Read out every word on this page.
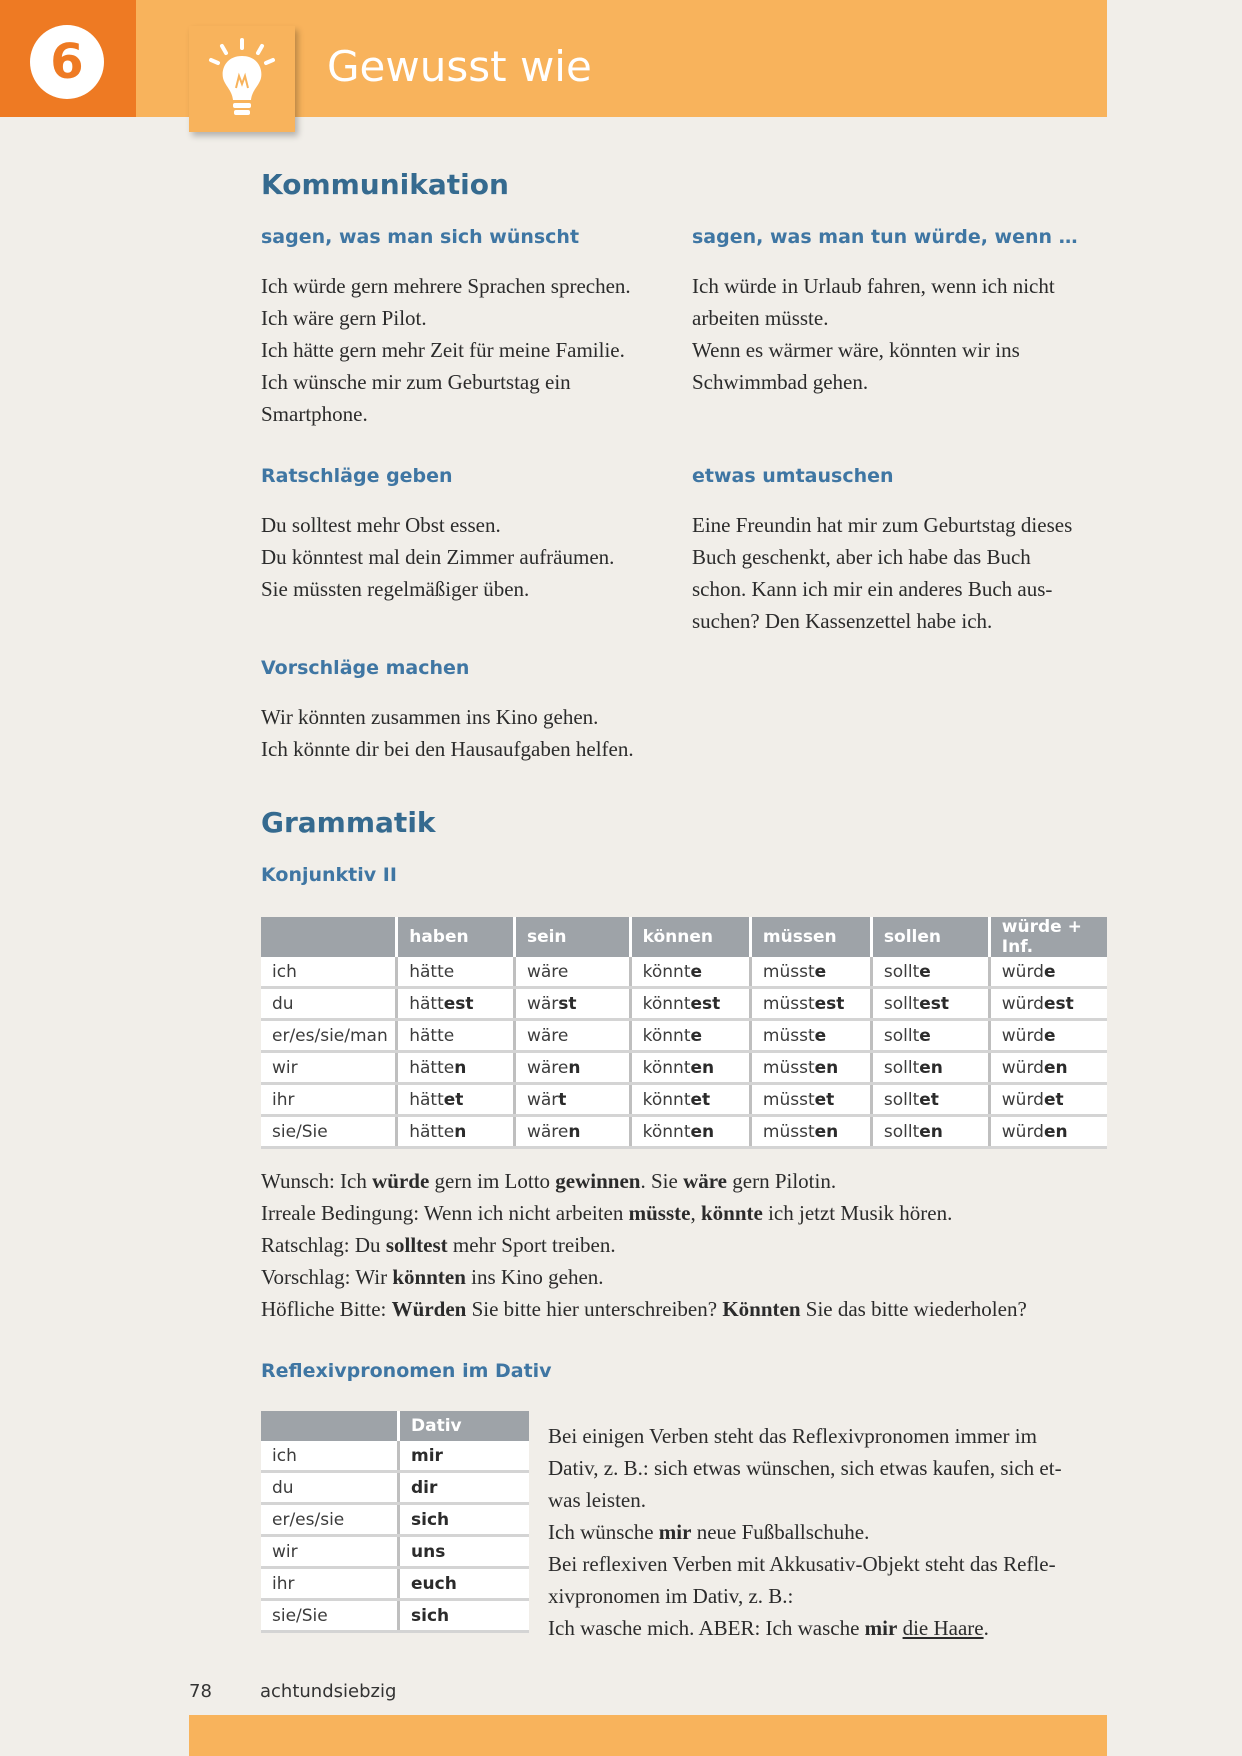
6	Gewusst wie
Kommunikation
sagen, was man sich wünscht
Ich würde gern mehrere Sprachen sprechen.
Ich wäre gern Pilot.
Ich hätte gern mehr Zeit für meine Familie.
Ich wünsche mir zum Geburtstag ein
Smartphone.
sagen, was man tun würde, wenn …
Ich würde in Urlaub fahren, wenn ich nicht
arbeiten müsste.
Wenn es wärmer wäre, könnten wir ins
Schwimmbad gehen.
Ratschläge geben
Du solltest mehr Obst essen.
Du könntest mal dein Zimmer aufräumen.
Sie müssten regelmäßiger üben.
etwas umtauschen
Eine Freundin hat mir zum Geburtstag dieses
Buch geschenkt, aber ich habe das Buch
schon. Kann ich mir ein anderes Buch aus-
suchen? Den Kassenzettel habe ich.
Vorschläge machen
Wir könnten zusammen ins Kino gehen.
Ich könnte dir bei den Hausaufgaben helfen.
Grammatik
Konjunktiv II
	haben	sein	können	müssen	sollen	würde + Inf.
ich	hätte	wäre	könnte	müsste	sollte	würde
du	hättest	wärst	könntest	müsstest	solltest	würdest
er/es/sie/man	hätte	wäre	könnte	müsste	sollte	würde
wir	hätten	wären	könnten	müssten	sollten	würden
ihr	hättet	wärt	könntet	müsstet	solltet	würdet
sie/Sie	hätten	wären	könnten	müssten	sollten	würden
Wunsch: Ich würde gern im Lotto gewinnen. Sie wäre gern Pilotin.
Irreale Bedingung: Wenn ich nicht arbeiten müsste, könnte ich jetzt Musik hören.
Ratschlag: Du solltest mehr Sport treiben.
Vorschlag: Wir könnten ins Kino gehen.
Höfliche Bitte: Würden Sie bitte hier unterschreiben? Könnten Sie das bitte wiederholen?
Reflexivpronomen im Dativ
	Dativ
ich	mir
du	dir
er/es/sie	sich
wir	uns
ihr	euch
sie/Sie	sich
Bei einigen Verben steht das Reflexivpronomen immer im
Dativ, z. B.: sich etwas wünschen, sich etwas kaufen, sich et-
was leisten.
Ich wünsche mir neue Fußballschuhe.
Bei reflexiven Verben mit Akkusativ-Objekt steht das Refle-
xivpronomen im Dativ, z. B.:
Ich wasche mich. ABER: Ich wasche mir die Haare.
78	achtundsiebzig
